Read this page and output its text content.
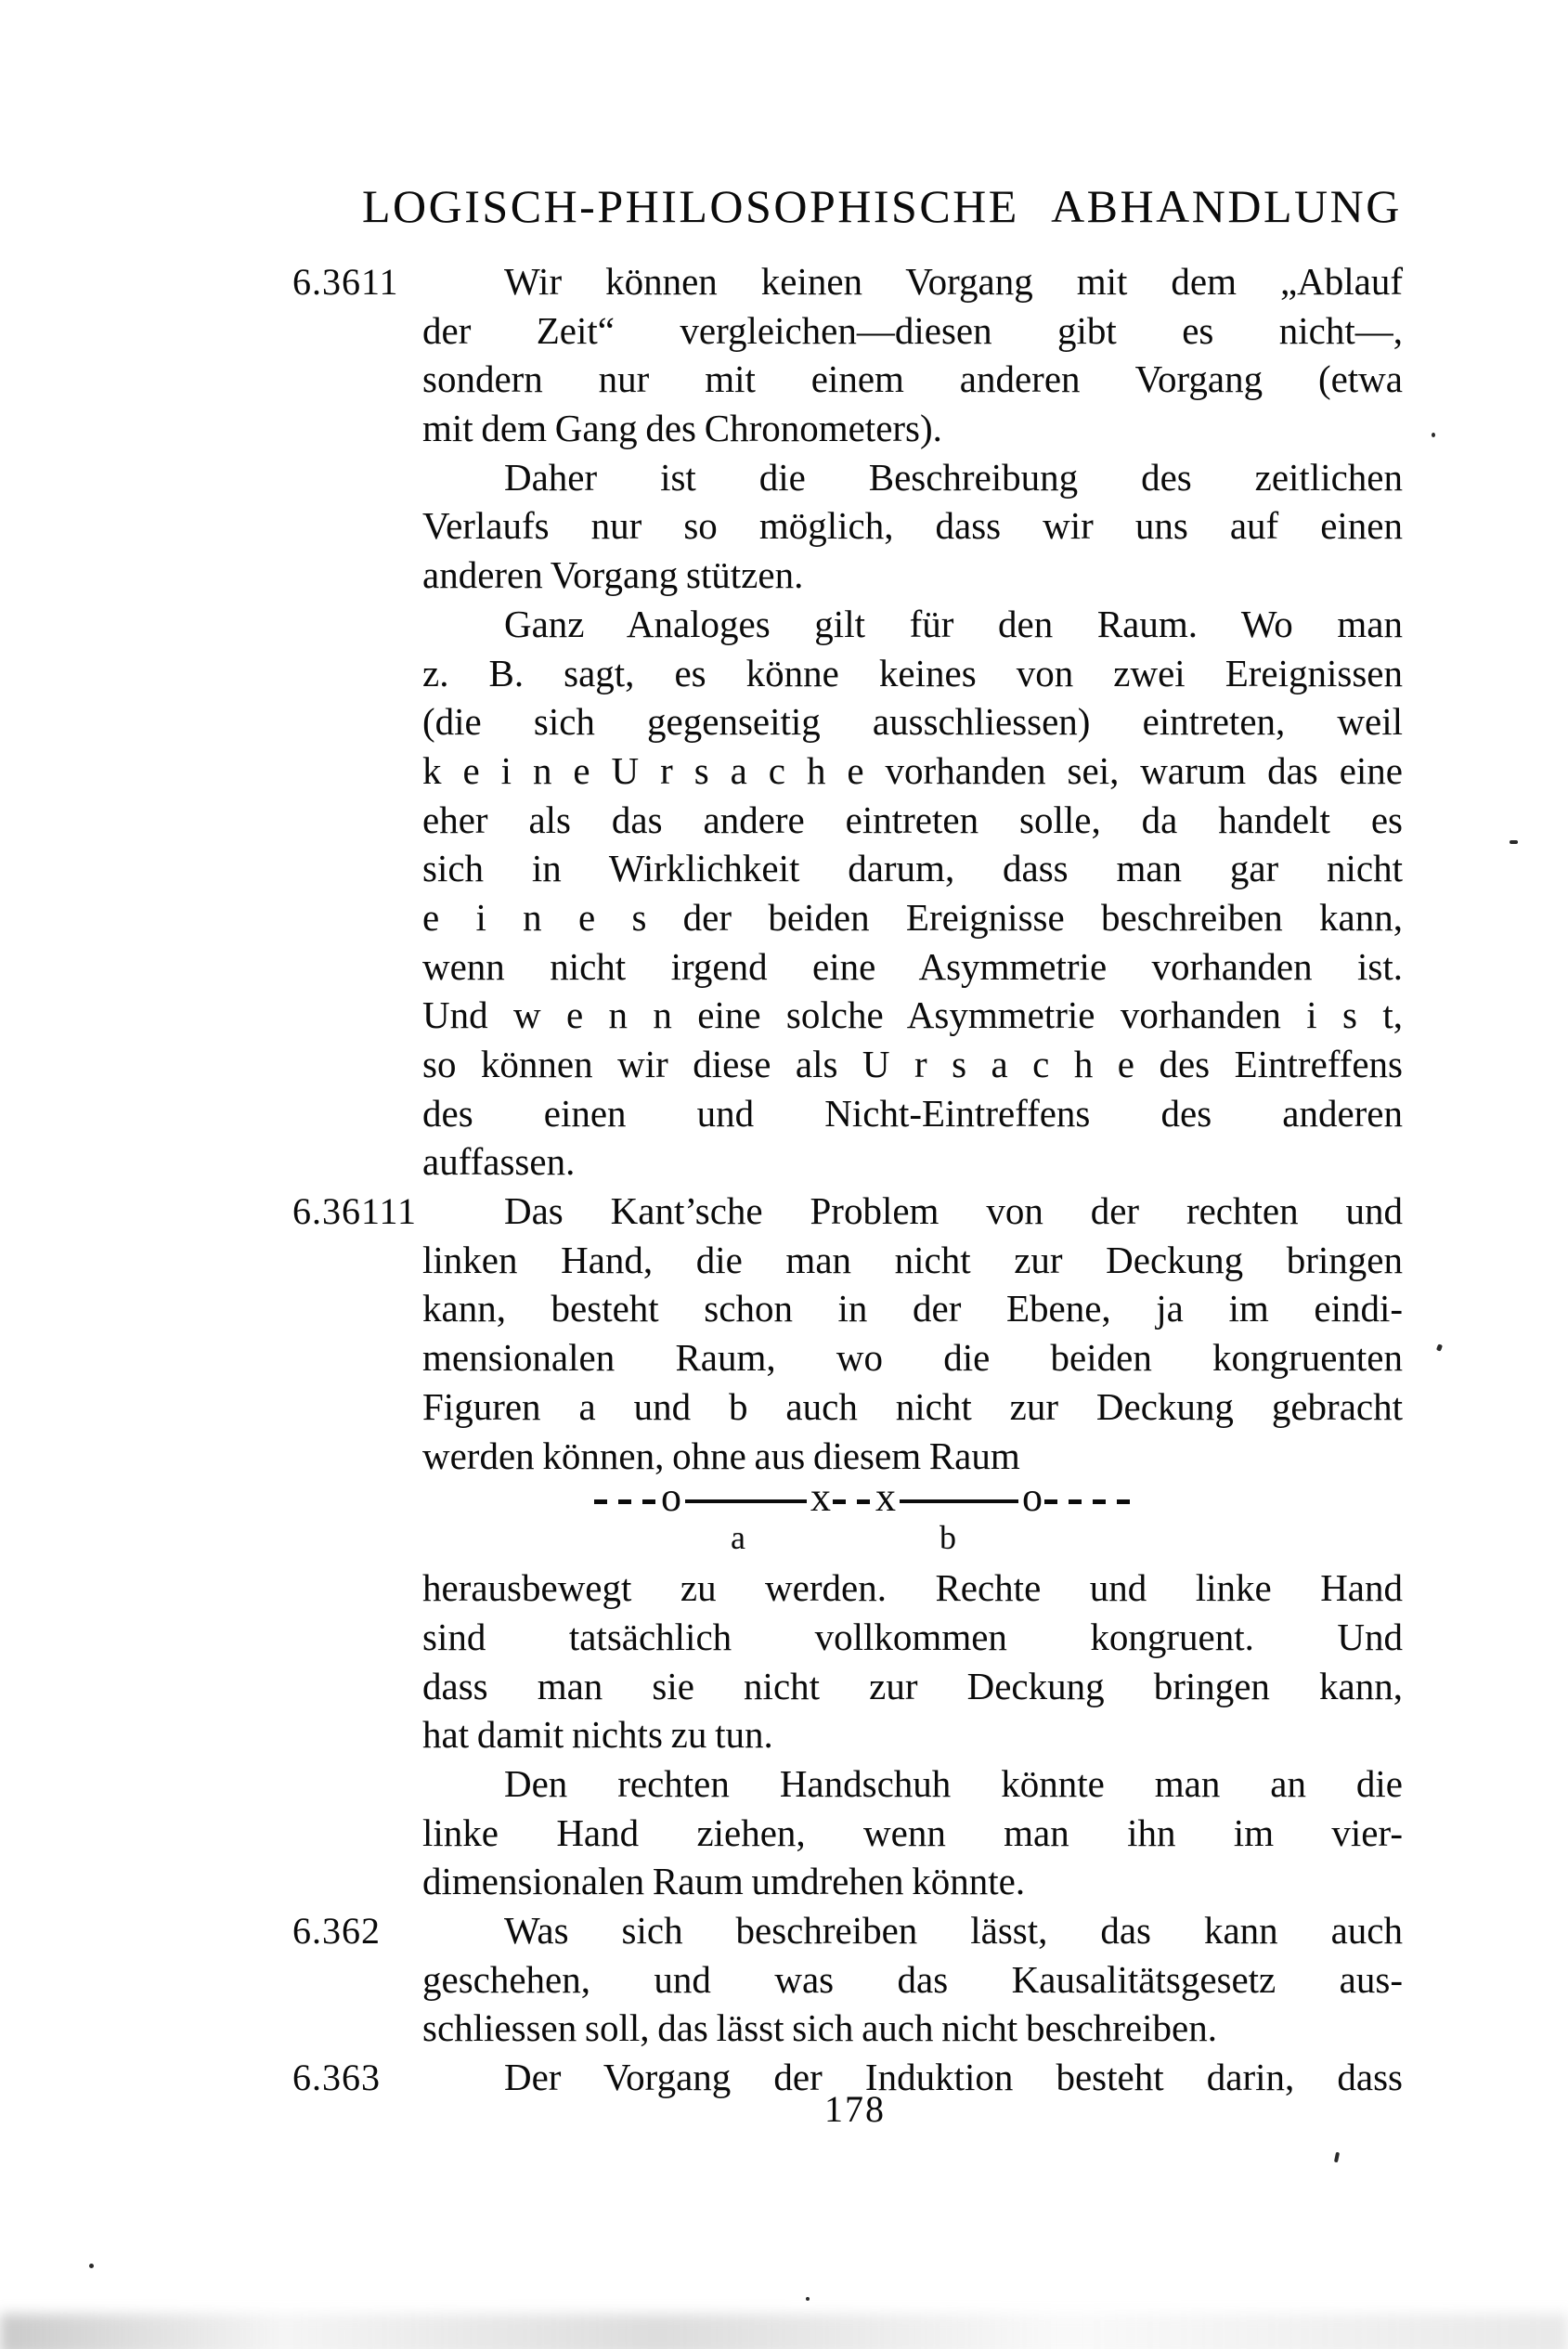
LOGISCH-PHILOSOPHISCHE ABHANDLUNG
6.3611	Wir können keinen Vorgang mit dem „Ablauf
der Zeit“ vergleichen—diesen gibt es nicht—,
sondern nur mit einem anderen Vorgang (etwa
mit dem Gang des Chronometers).
Daher ist die Beschreibung des zeitlichen
Verlaufs nur so möglich, dass wir uns auf einen
anderen Vorgang stützen.
Ganz Analoges gilt für den Raum. Wo man
z. B. sagt, es könne keines von zwei Ereignissen
(die sich gegenseitig ausschliessen) eintreten, weil
k e i n e U r s a c h e vorhanden sei, warum das eine
eher als das andere eintreten solle, da handelt es
sich in Wirklichkeit darum, dass man gar nicht
e i n e s der beiden Ereignisse beschreiben kann,
wenn nicht irgend eine Asymmetrie vorhanden ist.
Und w e n n eine solche Asymmetrie vorhanden i s t,
so können wir diese als U r s a c h e des Eintreffens
des einen und Nicht-Eintreffens des anderen
auffassen.
6.36111	Das Kant’sche Problem von der rechten und
linken Hand, die man nicht zur Deckung bringen
kann, besteht schon in der Ebene, ja im eindi-
mensionalen Raum, wo die beiden kongruenten
Figuren a und b auch nicht zur Deckung gebracht
werden können, ohne aus diesem Raum
o	x x	o
a	b
herausbewegt zu werden. Rechte und linke Hand
sind tatsächlich vollkommen kongruent. Und
dass man sie nicht zur Deckung bringen kann,
hat damit nichts zu tun.
Den rechten Handschuh könnte man an die
linke Hand ziehen, wenn man ihn im vier-
dimensionalen Raum umdrehen könnte.
6.362	Was sich beschreiben lässt, das kann auch
geschehen, und was das Kausalitätsgesetz aus-
schliessen soll, das lässt sich auch nicht beschreiben.
6.363	Der Vorgang der Induktion besteht darin, dass
178
